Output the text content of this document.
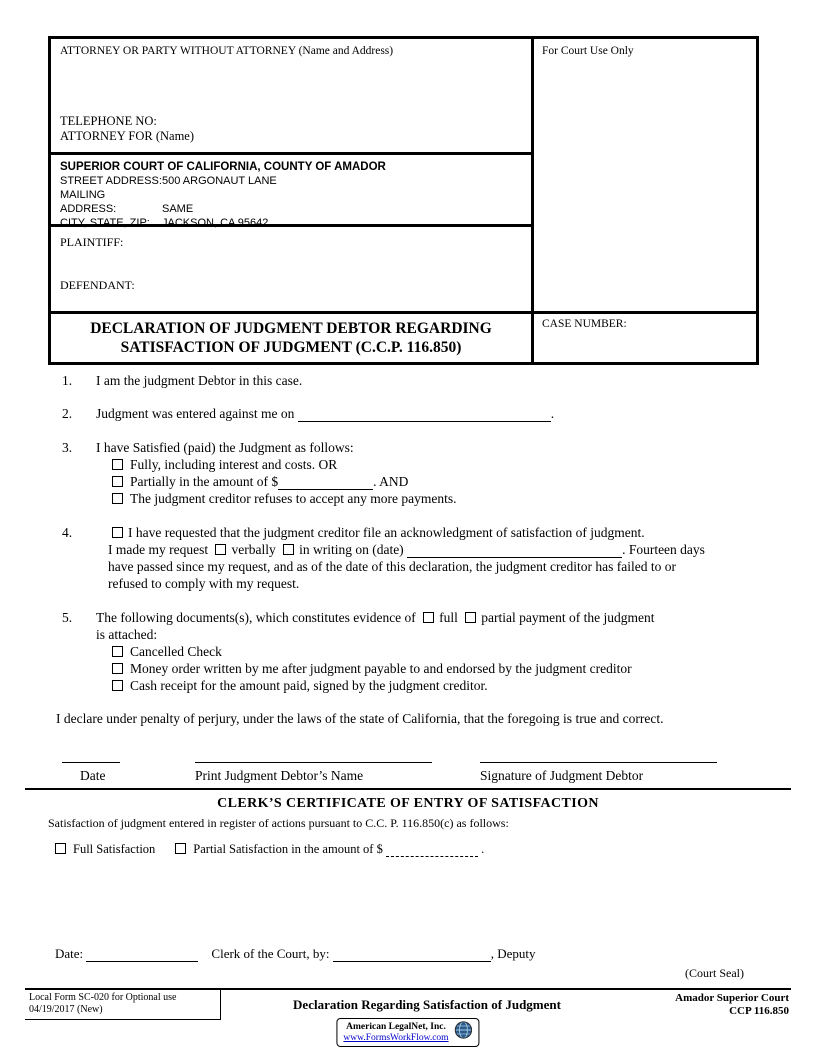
ATTORNEY OR PARTY WITHOUT ATTORNEY (Name and Address)
TELEPHONE NO:
ATTORNEY FOR (Name)
SUPERIOR COURT OF CALIFORNIA, COUNTY OF AMADOR
STREET ADDRESS:500 ARGONAUT LANE
MAILING ADDRESS:	SAME
CITY, STATE, ZIP: JACKSON, CA 95642
PLAINTIFF:
DEFENDANT:
For Court Use Only
DECLARATION OF JUDGMENT DEBTOR REGARDING
SATISFACTION OF JUDGMENT (C.C.P. 116.850)
CASE NUMBER:
1.	I am the judgment Debtor in this case.
2.	Judgment was entered against me on	.
3.	I have Satisfied (paid) the Judgment as follows:
Fully, including interest and costs. OR
Partially in the amount of $	. AND
The judgment creditor refuses to accept any more payments.
4.	I have requested that the judgment creditor file an acknowledgment of satisfaction of judgment.
I made my request verbally in writing on (date)	. Fourteen days
have passed since my request, and as of the date of this declaration, the judgment creditor has failed to or
refused to comply with my request.
5.	The following documents(s), which constitutes evidence of full partial payment of the judgment
is attached:
Cancelled Check
Money order written by me after judgment payable to and endorsed by the judgment creditor
Cash receipt for the amount paid, signed by the judgment creditor.
I declare under penalty of perjury, under the laws of the state of California, that the foregoing is true and correct.
Date	Print Judgment Debtor’s Name	Signature of Judgment Debtor
CLERK’S CERTIFICATE OF ENTRY OF SATISFACTION
Satisfaction of judgment entered in register of actions pursuant to C.C. P. 116.850(c) as follows:
Full Satisfaction	Partial Satisfaction in the amount of $	.
Date:	Clerk of the Court, by:	, Deputy
(Court Seal)
Local Form SC-020 for Optional use
04/19/2017 (New)	Declaration Regarding Satisfaction of Judgment	Amador Superior Court
CCP 116.850
American LegalNet, Inc.
www.FormsWorkFlow.com
